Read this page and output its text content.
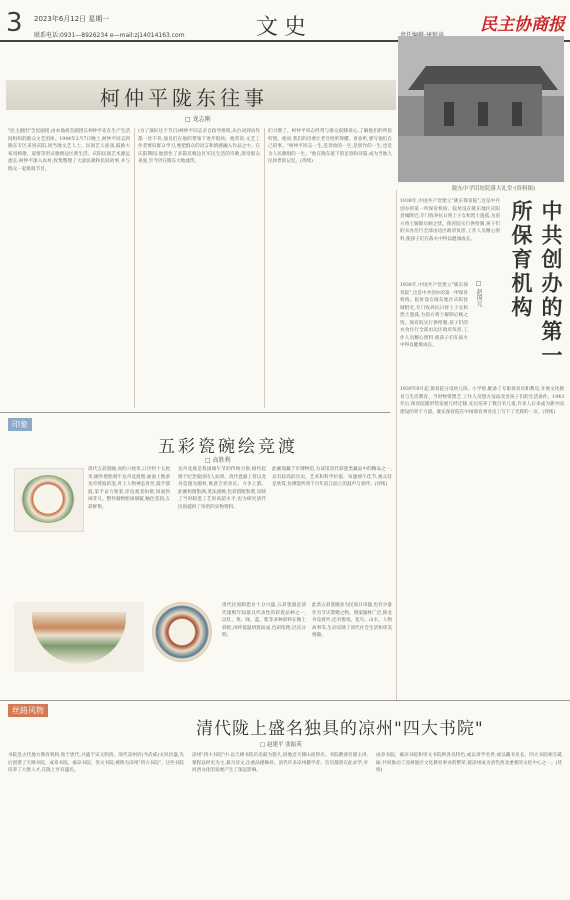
3 2023年6月12日 星期一
联系电话:0931—8926234 e—mail:zj14014163.com	文史	民主协商报
柯仲平陇东往事
□ 龙志刚
"民主剧团"全民剧团,由本地商会副团长柯仲平先在生产生活间组织的群众文艺团体。1944年2月7日晚上,柯仲平同志到陇东专区来到庆阳,同当地文艺人士、民间艺人座谈,鼓励大家用秧歌、道情等形式歌颂边区新生活。庆阳民间艺术源远流长,柯仲平深入农村,收集整理了大量民歌和民间故事,并与群众一起排演节目。
(为了演好这个节目)柯仲平同志亲自指导排练,从台词到动作都一丝不苟,演员们在他的带领下进步很快。他常说,文艺工作者要向群众学习,要把群众的语言和情感融入作品之中。在庆阳期间,他创作了多篇反映边区军民生活的诗歌,深受群众喜爱,至今仍在陇东大地流传。
们习惯了。柯仲平同志经常与群众促膝谈心,了解他们的所思所想。他说,我们的诗要让老百姓听得懂、喜欢听,要写他们自己的事。"柯仲平同志一生,是奔放的一生,是创作的一生,也是为人民歌唱的一生。"他在陇东留下的足迹和诗篇,成为当地人民珍贵的记忆。(待续)
陇东中学旧址院落大礼堂·(资料图)
1938年,中国共产党建立"陇东保育院",这是中共创办的第一所保育机构。院址设在陇东地区庆阳县城附近,专门收养抗日将士子女和烈士遗孤,为前方将士解除后顾之忧。保育院实行供给制,孩子们的衣食住行全部由边区政府负担,工作人员精心照料,使孩子们在战火中得以健康成长。	中共创办的第一所保育机构
□ 赵国元
1938年,中国共产党建立"陇东保育院",这是中共创办的第一所保育机构。院址设在陇东地区庆阳县城附近,专门收养抗日将士子女和烈士遗孤,为前方将士解除后顾之忧。保育院实行供给制,孩子们的衣食住行全部由边区政府负担,工作人员精心照料,使孩子们在战火中得以健康成长。
1939年8月起,保育院分设幼儿班、小学班,配备了专职保育员和教员,开展文化教育与生活教育。当时物资匮乏,工作人员想方设法改善孩子们的生活条件。1943年后,保育院随形势发展几经迁移,先后培养了数百名儿童,许多人后来成为新中国建设的骨干力量。陇东保育院在中国保育事业史上写下了光辉的一页。(待续)
印象
五彩瓷碗绘竞渡
□ 高胜利
清代五彩瓷碗,高约六厘米,口径约十五厘米,碗外壁绘端午龙舟竞渡图,画面上数条龙舟劈波斩浪,舟上人物神态各异,鼓手擂鼓,桨手奋力划桨,岸边观者如堵,场面热闹非凡。整件器物胎质细腻,釉色莹润,五彩鲜艳。
龙舟竞渡是我国端午节的传统习俗,相传起源于纪念爱国诗人屈原。清代瓷器上常以龙舟竞渡为题材,寓意吉祥喜庆、力争上游。此碗构图饱满,笔法流畅,色彩搭配和谐,反映了当时制瓷工艺的高超水平,也为研究清代民俗提供了珍贵的实物资料。
此碗现藏于市博物馆,为该馆清代彩瓷类藏品中的精品之一,具有较高的历史、艺术和科学价值。每逢端午佳节,观众驻足欣赏,仿佛能听到千百年前江面上的鼓声与欢呼。(待续)
清代民间制瓷业十分兴盛,五彩瓷器是清代康熙年间最具代表性的彩瓷品种之一,以红、黄、绿、蓝、紫等多种彩料在釉上彩绘,再经低温烘烧而成,色彩浓艳,层次分明。
此类五彩瓷碗多为民间日用器,也有少量作为节庆馈赠之物。图案题材广泛,除龙舟竞渡外,还有婴戏、花鸟、山水、人物故事等,生动反映了清代社会生活和审美情趣。
丝路风物
清代陇上盛名独具的凉州"四大书院"
□ 赵建平 张振英
书院是古代地方教育机构,始于唐代,兴盛于宋元明清。清代凉州府(今武威)文风昌盛,先后创建了天梯书院、成章书院、雍凉书院、崇文书院,被称为凉州"四大书院"。这些书院培养了大批人才,在陇上享有盛名。
凉州"四大书院"中,以天梯书院历史最为悠久,因地近天梯山而得名。书院聘请名儒主讲,课程以经史为主,兼习诗文,注重品德修养。清代许多凉州籍学者、官员都曾在此求学,对河西文化的发展产生了深远影响。
成章书院、雍凉书院和崇文书院则各具特色,或以讲学名世,或以藏书见长。四大书院相互砥砺,共同推动了凉州地区文化教育事业的繁荣,使凉州成为清代西北重要的文化中心之一。(待续)
